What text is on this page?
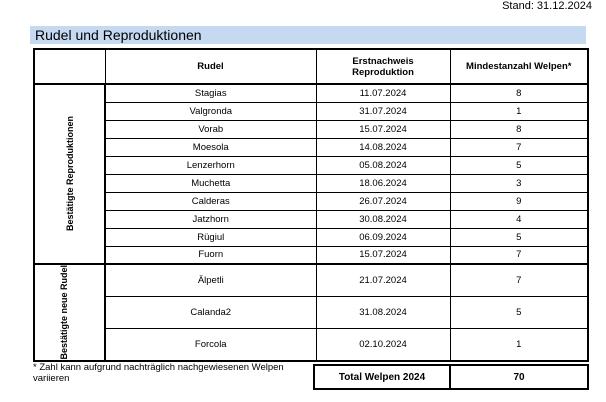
Stand: 31.12.2024
Rudel und Reproduktionen
	Rudel	Erstnachweis Reproduktion	Mindestanzahl Welpen*

Bestätigte Reproduktionen	Stagias	11.07.2024	8
	Valgronda	31.07.2024	1
	Vorab	15.07.2024	8
	Moesola	14.08.2024	7
	Lenzerhorn	05.08.2024	5
	Muchetta	18.06.2024	3
	Calderas	26.07.2024	9
	Jatzhorn	30.08.2024	4
	Rügiul	06.09.2024	5
	Fuorn	15.07.2024	7

Bestätigte neue Rudel	Älpetli	21.07.2024	7
	Calanda2	31.08.2024	5
	Forcola	02.10.2024	1
* Zahl kann aufgrund nachträglich nachgewiesenen Welpen variieren	Total Welpen 2024	70
